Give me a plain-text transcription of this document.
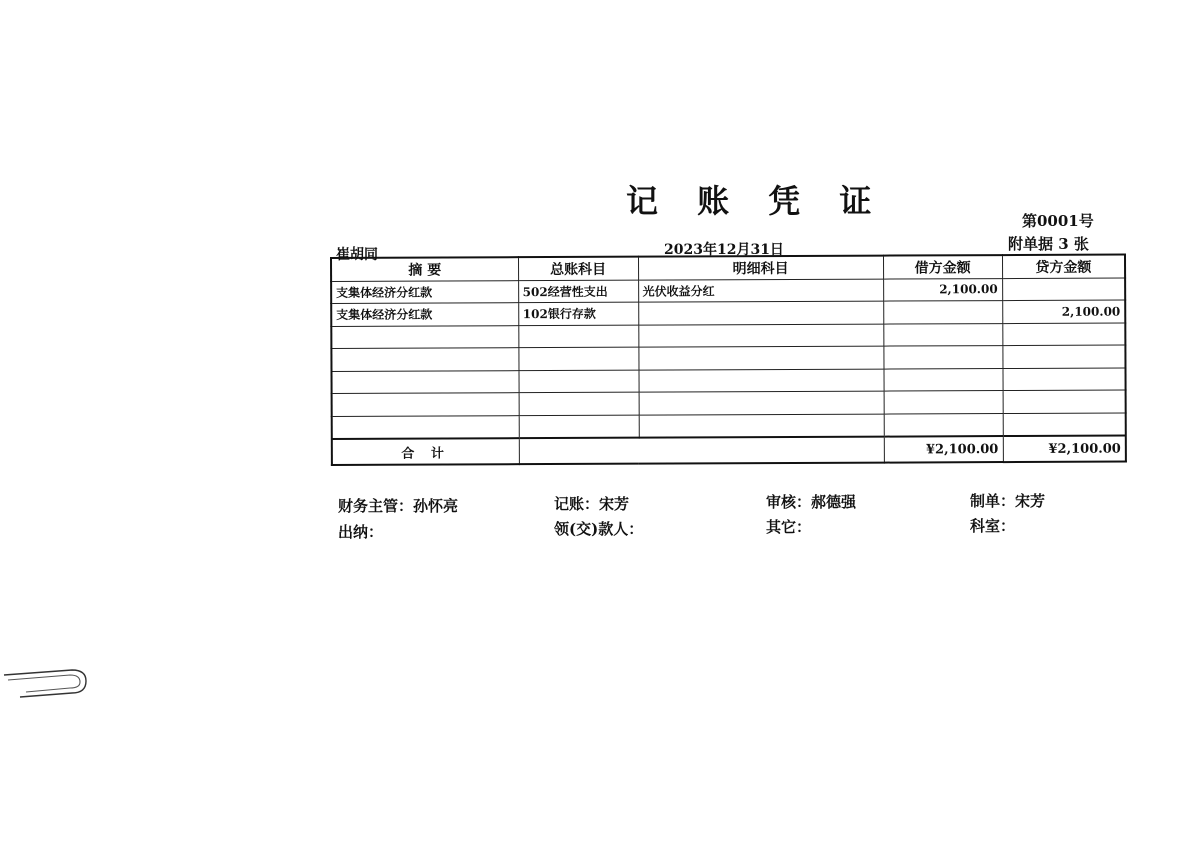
记 账 凭 证
第0001号
附单据 3 张
崔胡同	2023年12月31日
摘 要	总账科目	明细科目	借方金额	贷方金额
支集体经济分红款	502经营性支出	光伏收益分红	2,100.00	
支集体经济分红款	102银行存款			2,100.00

合 计			¥2,100.00	¥2,100.00
财务主管：孙怀亮	记账：宋芳	审核：郝德强	制单：宋芳
出纳：	领(交)款人：	其它：	科室：
